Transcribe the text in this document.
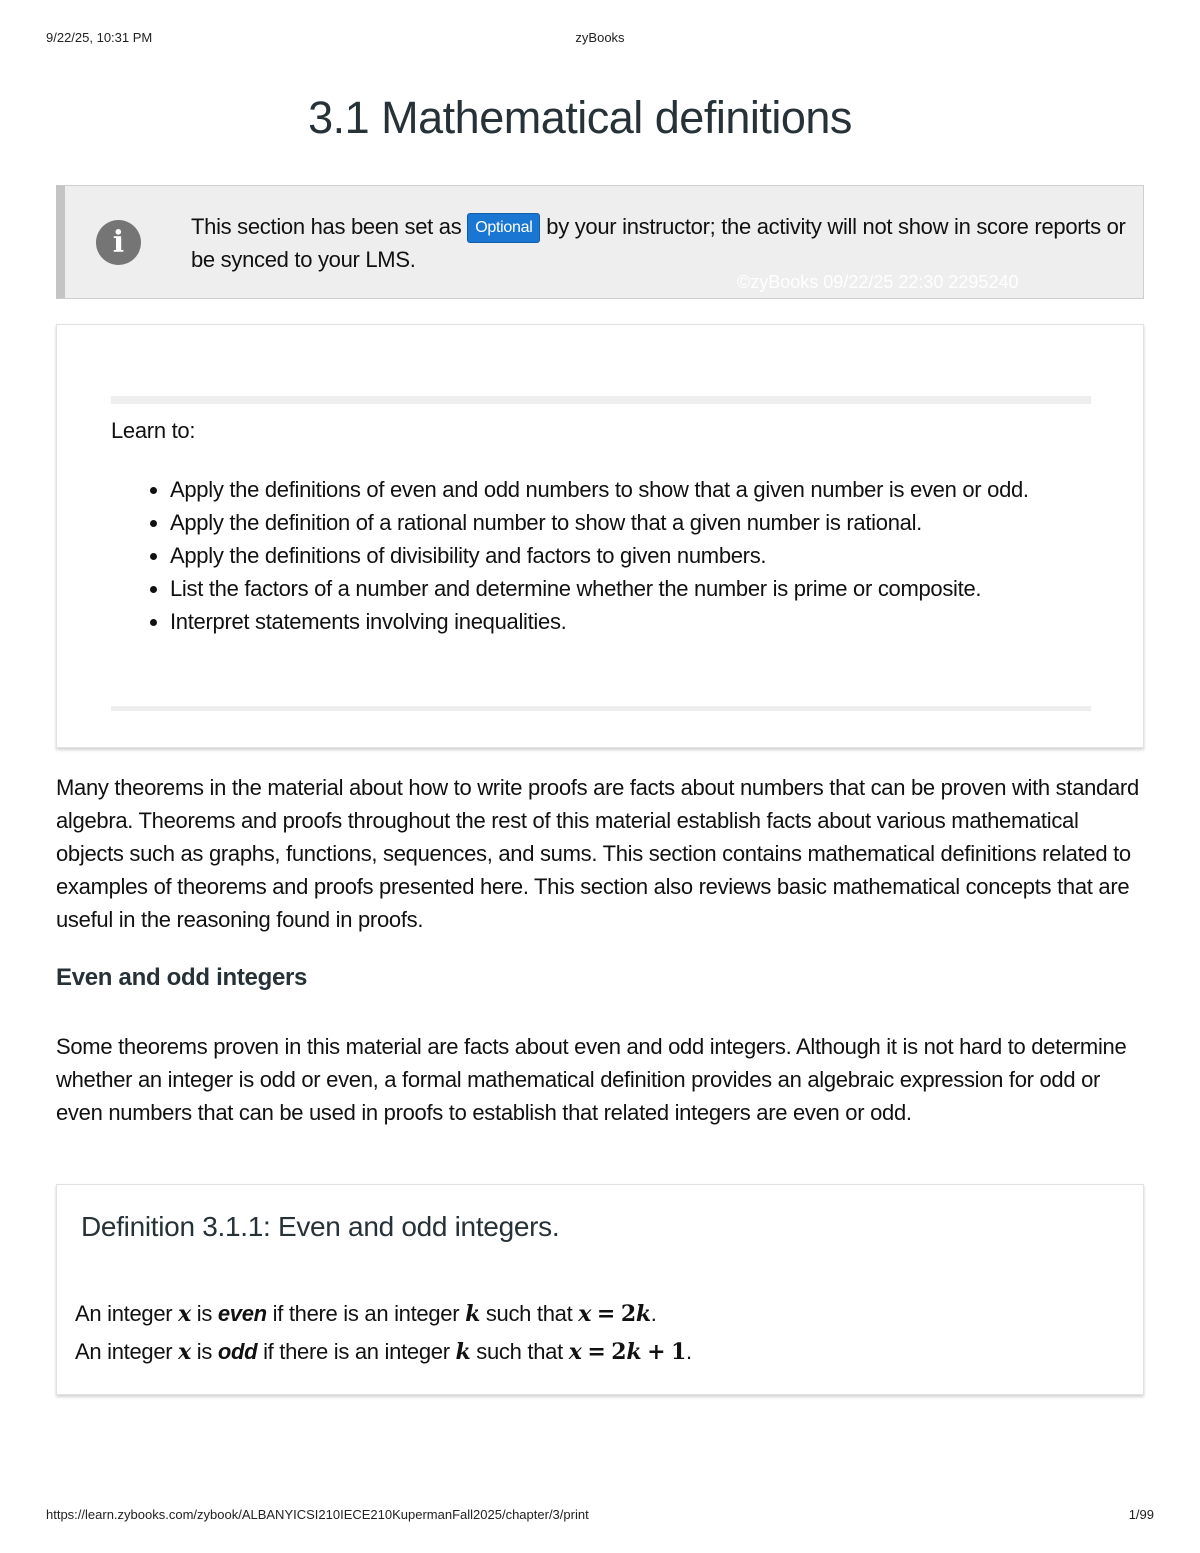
9/22/25, 10:31 PM	zyBooks
3.1 Mathematical definitions
i	This section has been set as Optional by your instructor; the activity will not show in score reports or be synced to your LMS.

©zyBooks 09/22/25 22:30 2295240

Learn to:

• Apply the definitions of even and odd numbers to show that a given number is even or odd.
• Apply the definition of a rational number to show that a given number is rational.
• Apply the definitions of divisibility and factors to given numbers.
• List the factors of a number and determine whether the number is prime or composite.
• Interpret statements involving inequalities.

Many theorems in the material about how to write proofs are facts about numbers that can be proven with standard algebra. Theorems and proofs throughout the rest of this material establish facts about various mathematical objects such as graphs, functions, sequences, and sums. This section contains mathematical definitions related to examples of theorems and proofs presented here. This section also reviews basic mathematical concepts that are useful in the reasoning found in proofs.

Even and odd integers

Some theorems proven in this material are facts about even and odd integers. Although it is not hard to determine whether an integer is odd or even, a formal mathematical definition provides an algebraic expression for odd or even numbers that can be used in proofs to establish that related integers are even or odd.

Definition 3.1.1: Even and odd integers.

An integer x is even if there is an integer k such that x = 2k.

An integer x is odd if there is an integer k such that x = 2k + 1.

https://learn.zybooks.com/zybook/ALBANYICSI210IECE210KupermanFall2025/chapter/3/print	1/99
